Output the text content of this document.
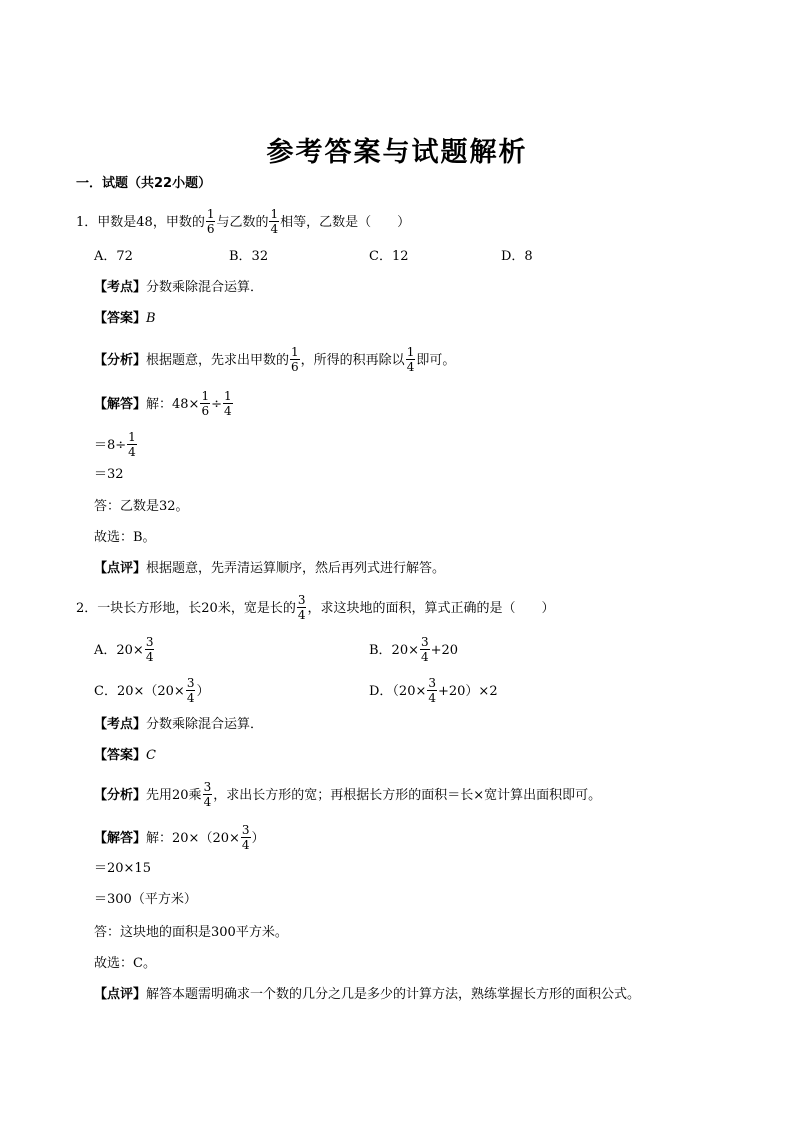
参考答案与试题解析
一．试题（共22小题）
1．甲数是48，甲数的 $\frac{1}{6}$ 与乙数的 $\frac{1}{4}$ 相等，乙数是（　　）
A．72	B．32	C．12	D．8
【考点】分数乘除混合运算．
【答案】B
【分析】根据题意，先求出甲数的 $\frac{1}{6}$ ，所得的积再除以 $\frac{1}{4}$ 即可。
【解答】解：$48\times \frac{1}{6} \div \frac{1}{4}$
$=8\div \frac{1}{4}$
＝32
答：乙数是32。
故选：B。
【点评】根据题意，先弄清运算顺序，然后再列式进行解答。
2．一块长方形地，长20米，宽是长的 $\frac{3}{4}$ ，求这块地的面积，算式正确的是（　　）
A．$20\times \frac{3}{4}$	B．$20\times \frac{3}{4} +20$
C．$20\times(20\times \frac{3}{4}$ ）	D．$(20\times \frac{3}{4} +20)\times 2$
【考点】分数乘除混合运算．
【答案】C
【分析】先用20乘 $\frac{3}{4}$ ，求出长方形的宽；再根据长方形的面积＝长×宽计算出面积即可。
【解答】解：$20\times(20\times \frac{3}{4}$ ）
＝20×15
＝300（平方米）
答：这块地的面积是300平方米。
故选：C。
【点评】解答本题需明确求一个数的几分之几是多少的计算方法，熟练掌握长方形的面积公式。
